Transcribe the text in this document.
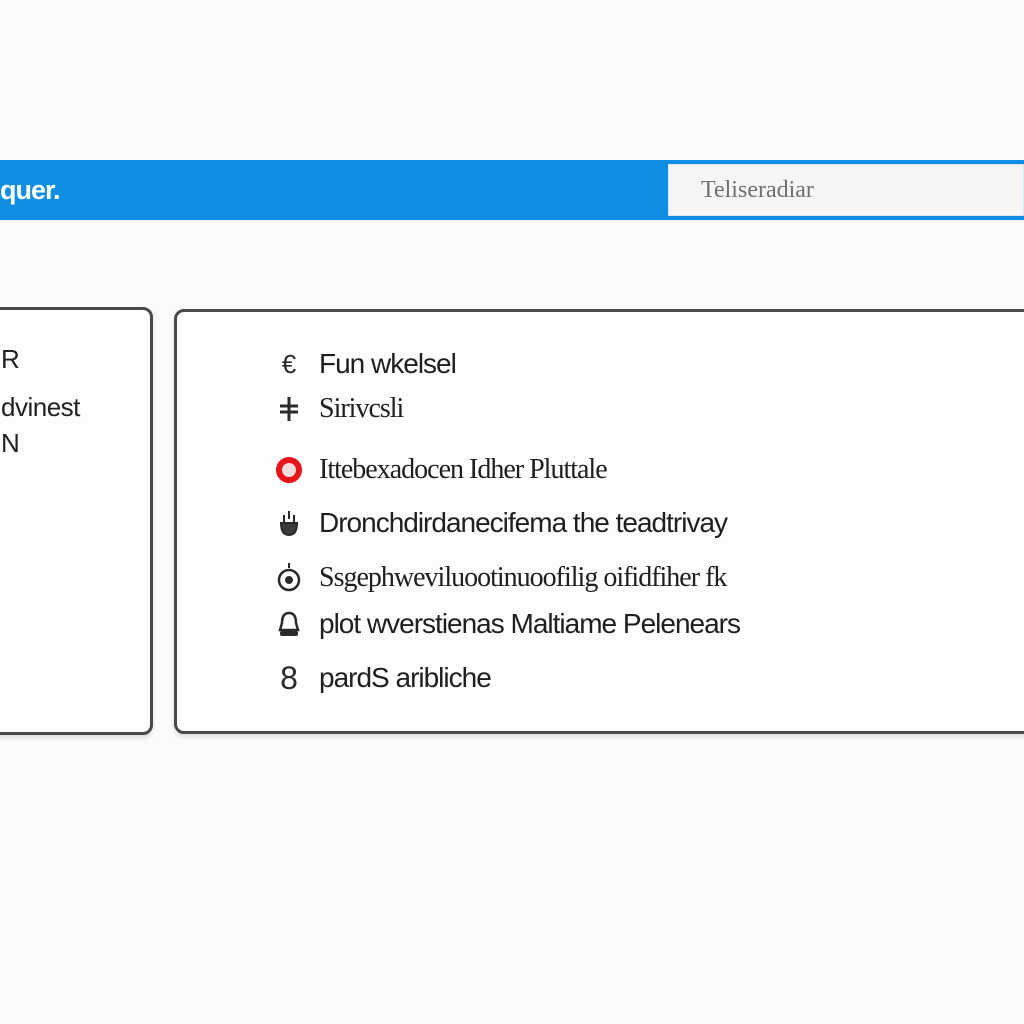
quer.
Teliseradiar
R
dvinest
N
€ Fun wkelsel
Sirivcsli
Ittebexadocen Idher Pluttale
Dronchdirdanecifema the teadtrivay
Ssgephweviluootinuoofilig oifidfiher fk
plot wverstienas Maltiame Pelenears
8 pardS aribliche
